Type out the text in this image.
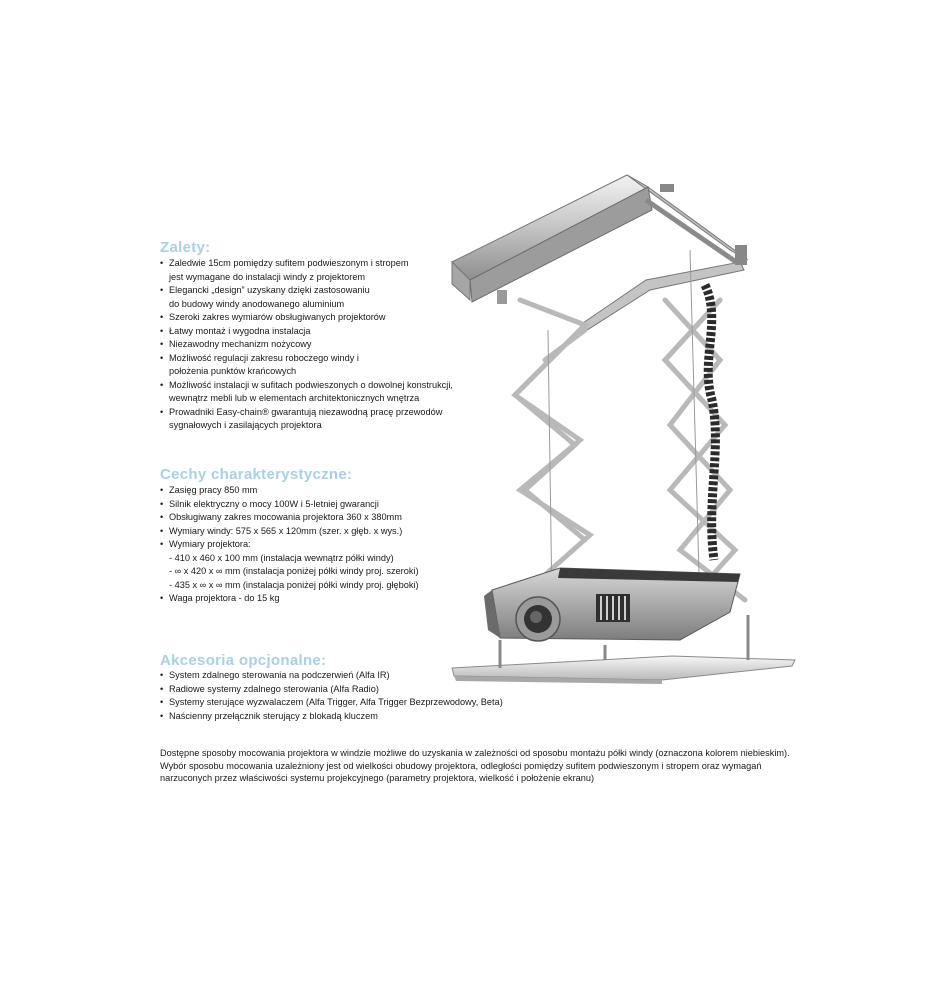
Zalety:
• Zaledwie 15cm pomiędzy sufitem podwieszonym i stropem
jest wymagane do instalacji windy z projektorem
• Elegancki „design” uzyskany dzięki zastosowaniu
do budowy windy anodowanego aluminium
• Szeroki zakres wymiarów obsługiwanych projektorów
• Łatwy montaż i wygodna instalacja
• Niezawodny mechanizm nożycowy
• Możliwość regulacji zakresu roboczego windy i
położenia punktów krańcowych
• Możliwość instalacji w sufitach podwieszonych o dowolnej konstrukcji,
wewnątrz mebli lub w elementach architektonicznych wnętrza
• Prowadniki Easy-chain® gwarantują niezawodną pracę przewodów
sygnałowych i zasilających projektora
Cechy charakterystyczne:
• Zasięg pracy 850 mm
• Silnik elektryczny o mocy 100W i 5-letniej gwarancji
• Obsługiwany zakres mocowania projektora 360 x 380mm
• Wymiary windy: 575 x 565 x 120mm (szer. x głęb. x wys.)
• Wymiary projektora:
- 410 x 460 x 100 mm (instalacja wewnątrz półki windy)
- ∞ x 420 x ∞ mm (instalacja poniżej półki windy proj. szeroki)
- 435 x ∞ x ∞ mm (instalacja poniżej półki windy proj. głęboki)
• Waga projektora - do 15 kg
Akcesoria opcjonalne:
• System zdalnego sterowania na podczerwień (Alfa IR)
• Radiowe systemy zdalnego sterowania (Alfa Radio)
• Systemy sterujące wyzwalaczem (Alfa Trigger, Alfa Trigger Bezprzewodowy, Beta)
• Naścienny przełącznik sterujący z blokadą kluczem

Dostępne sposoby mocowania projektora w windzie możliwe do uzyskania w zależności od sposobu montażu półki windy (oznaczona kolorem niebieskim). Wybór sposobu mocowania uzależniony jest od wielkości obudowy projektora, odległości pomiędzy sufitem podwieszonym i stropem oraz wymagań narzuconych przez właściwości systemu projekcyjnego (parametry projektora, wielkość i położenie ekranu)
